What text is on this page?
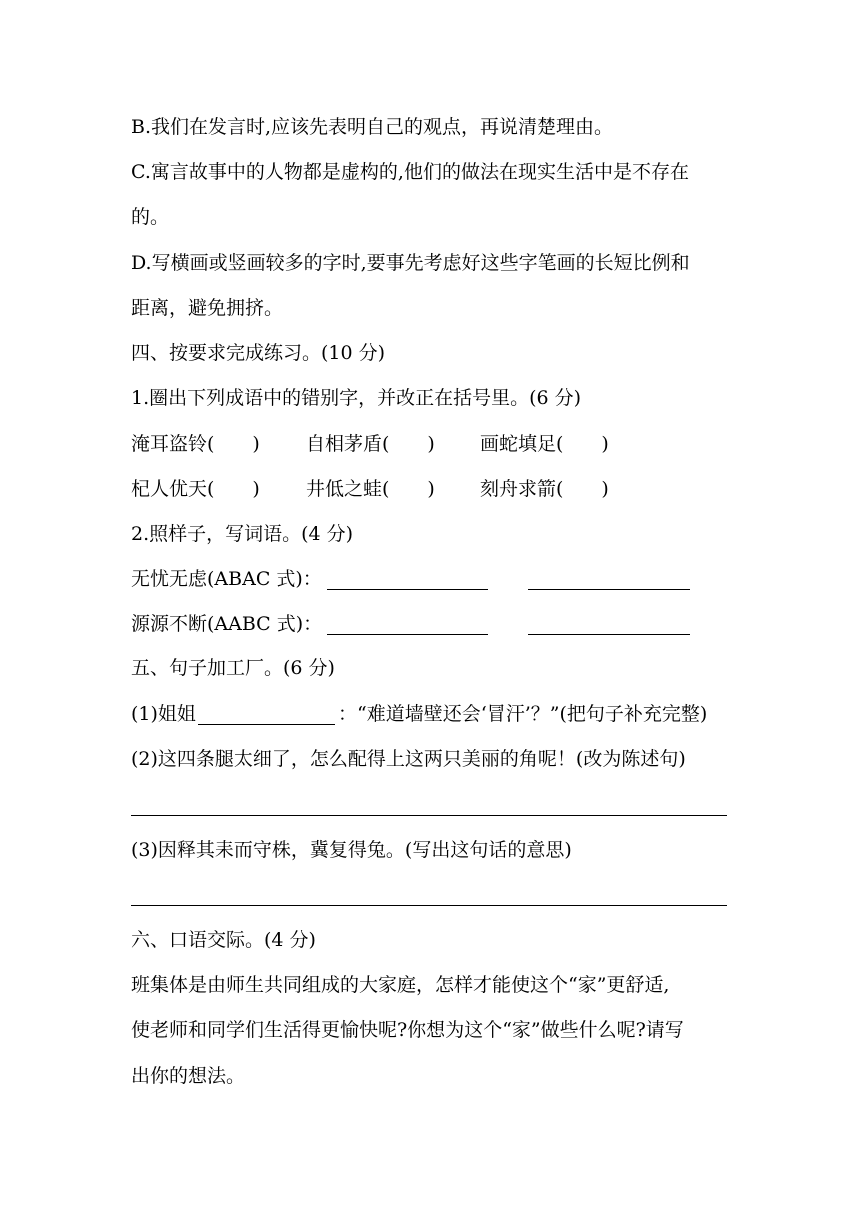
B.我们在发言时,应该先表明自己的观点，再说清楚理由。
C.寓言故事中的人物都是虚构的,他们的做法在现实生活中是不存在
的。
D.写横画或竖画较多的字时,要事先考虑好这些字笔画的长短比例和
距离，避免拥挤。
四、按要求完成练习。(10 分)
1.圈出下列成语中的错别字，并改正在括号里。(6 分)
淹耳盗铃(　　) 自相茅盾(　　) 画蛇填足(　　)
杞人优天(　　) 井低之蛙(　　) 刻舟求箭(　　)
2.照样子，写词语。(4 分)
无忧无虑(ABAC 式)：
源源不断(AABC 式)：
五、句子加工厂。(6 分)
(1)姐姐	：“难道墙壁还会‘冒汗’？”(把句子补充完整)
(2)这四条腿太细了，怎么配得上这两只美丽的角呢！(改为陈述句)
(3)因释其耒而守株，冀复得兔。(写出这句话的意思)
六、口语交际。(4 分)
班集体是由师生共同组成的大家庭，怎样才能使这个“家”更舒适,
使老师和同学们生活得更愉快呢?你想为这个“家”做些什么呢?请写
出你的想法。
